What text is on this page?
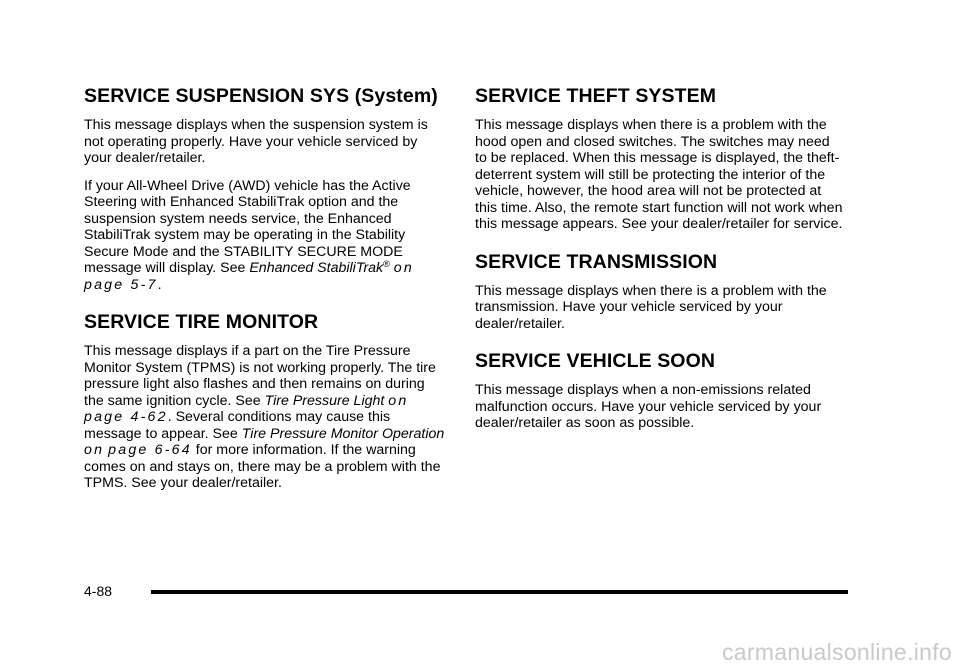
SERVICE SUSPENSION SYS (System)

This message displays when the suspension system is not operating properly. Have your vehicle serviced by your dealer/retailer.

If your All-Wheel Drive (AWD) vehicle has the Active Steering with Enhanced StabiliTrak option and the suspension system needs service, the Enhanced StabiliTrak system may be operating in the Stability Secure Mode and the STABILITY SECURE MODE message will display. See Enhanced StabiliTrak® on page 5-7.

SERVICE TIRE MONITOR

This message displays if a part on the Tire Pressure Monitor System (TPMS) is not working properly. The tire pressure light also flashes and then remains on during the same ignition cycle. See Tire Pressure Light on page 4-62. Several conditions may cause this message to appear. See Tire Pressure Monitor Operation on page 6-64 for more information. If the warning comes on and stays on, there may be a problem with the TPMS. See your dealer/retailer.

SERVICE THEFT SYSTEM

This message displays when there is a problem with the hood open and closed switches. The switches may need to be replaced. When this message is displayed, the theft-deterrent system will still be protecting the interior of the vehicle, however, the hood area will not be protected at this time. Also, the remote start function will not work when this message appears. See your dealer/retailer for service.

SERVICE TRANSMISSION

This message displays when there is a problem with the transmission. Have your vehicle serviced by your dealer/retailer.

SERVICE VEHICLE SOON

This message displays when a non-emissions related malfunction occurs. Have your vehicle serviced by your dealer/retailer as soon as possible.

4-88
carmanualsonline.info
